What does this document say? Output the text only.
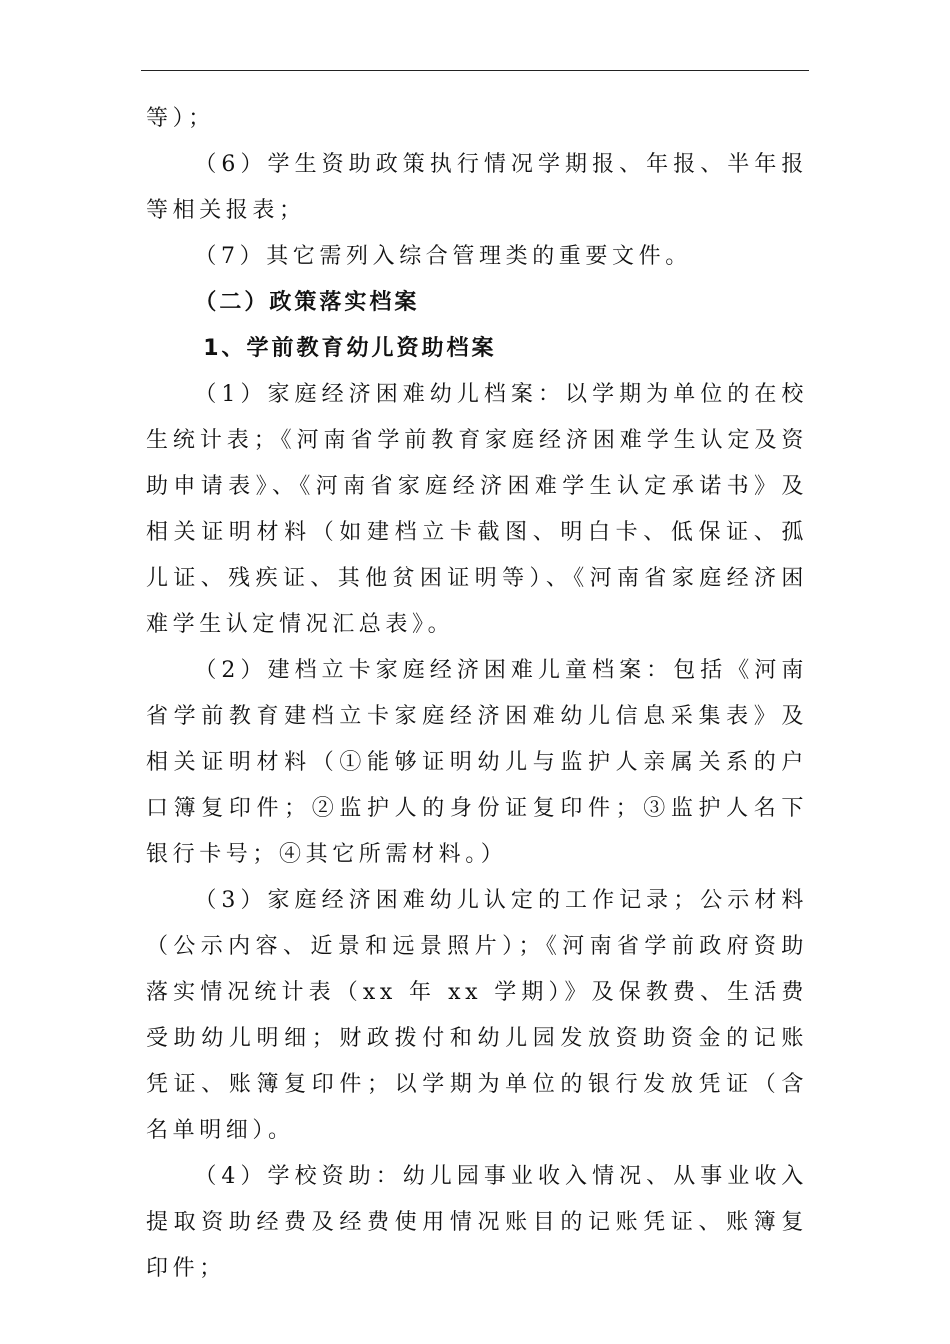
等）；

（6）学生资助政策执行情况学期报、年报、半年报等相关报表；

（7）其它需列入综合管理类的重要文件。

（二）政策落实档案

1、学前教育幼儿资助档案

（1）家庭经济困难幼儿档案：以学期为单位的在校生统计表；《河南省学前教育家庭经济困难学生认定及资助申请表》、《河南省家庭经济困难学生认定承诺书》及相关证明材料（如建档立卡截图、明白卡、低保证、孤儿证、残疾证、其他贫困证明等）、《河南省家庭经济困难学生认定情况汇总表》。

（2）建档立卡家庭经济困难儿童档案：包括《河南省学前教育建档立卡家庭经济困难幼儿信息采集表》及相关证明材料（①能够证明幼儿与监护人亲属关系的户口簿复印件；②监护人的身份证复印件；③监护人名下银行卡号；④其它所需材料。）

（3）家庭经济困难幼儿认定的工作记录；公示材料（公示内容、近景和远景照片）；《河南省学前政府资助落实情况统计表（xx 年 xx 学期）》及保教费、生活费受助幼儿明细；财政拨付和幼儿园发放资助资金的记账凭证、账簿复印件；以学期为单位的银行发放凭证（含名单明细）。

（4）学校资助：幼儿园事业收入情况、从事业收入提取资助经费及经费使用情况账目的记账凭证、账簿复印件；
